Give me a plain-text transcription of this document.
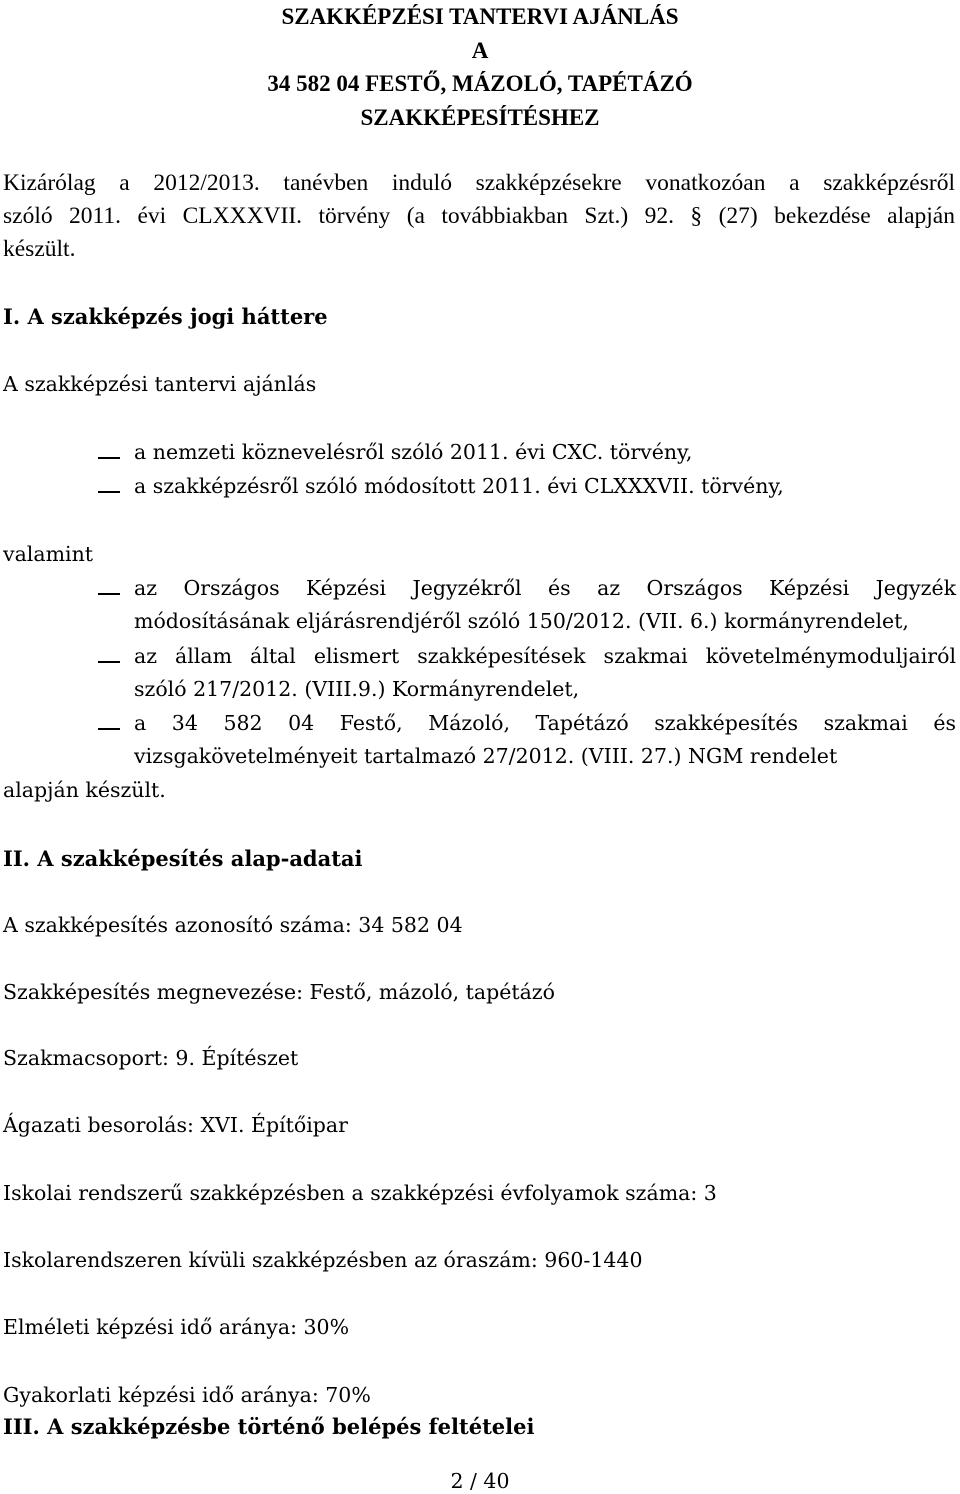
SZAKKÉPZÉSI TANTERVI AJÁNLÁS
A
34 582 04 FESTŐ, MÁZOLÓ, TAPÉTÁZÓ
SZAKKÉPESÍTÉSHEZ
Kizárólag a 2012/2013. tanévben induló szakképzésekre vonatkozóan a szakképzésről
szóló 2011. évi CLXXXVII. törvény (a továbbiakban Szt.) 92. § (27) bekezdése alapján
készült.
I. A szakképzés jogi háttere
A szakképzési tantervi ajánlás
a nemzeti köznevelésről szóló 2011. évi CXC. törvény,
a szakképzésről szóló módosított 2011. évi CLXXXVII. törvény,
valamint
az Országos Képzési Jegyzékről és az Országos Képzési Jegyzék
módosításának eljárásrendjéről szóló 150/2012. (VII. 6.) kormányrendelet,
az állam által elismert szakképesítések szakmai követelménymoduljairól
szóló 217/2012. (VIII.9.) Kormányrendelet,
a 34 582 04 Festő, Mázoló, Tapétázó szakképesítés szakmai és
vizsgakövetelményeit tartalmazó 27/2012. (VIII. 27.) NGM rendelet
alapján készült.
II. A szakképesítés alap-adatai
A szakképesítés azonosító száma: 34 582 04
Szakképesítés megnevezése: Festő, mázoló, tapétázó
Szakmacsoport: 9. Építészet
Ágazati besorolás: XVI. Építőipar
Iskolai rendszerű szakképzésben a szakképzési évfolyamok száma: 3
Iskolarendszeren kívüli szakképzésben az óraszám: 960-1440
Elméleti képzési idő aránya: 30%
Gyakorlati képzési idő aránya: 70%
III. A szakképzésbe történő belépés feltételei
2 / 40
